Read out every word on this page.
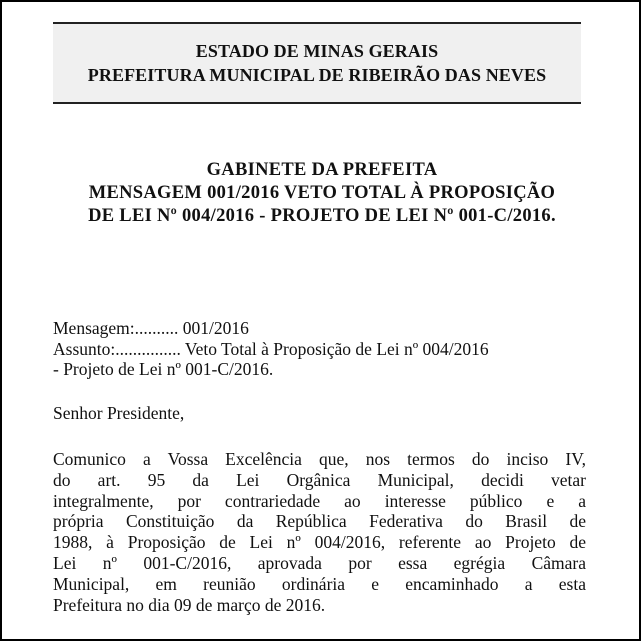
ESTADO DE MINAS GERAIS
PREFEITURA MUNICIPAL DE RIBEIRÃO DAS NEVES
GABINETE DA PREFEITA
MENSAGEM 001/2016 VETO TOTAL À PROPOSIÇÃO
DE LEI Nº 004/2016 - PROJETO DE LEI Nº 001-C/2016.
Mensagem:.......... 001/2016
Assunto:............... Veto Total à Proposição de Lei nº 004/2016
- Projeto de Lei nº 001-C/2016.
Senhor Presidente,
Comunico a Vossa Excelência que, nos termos do inciso IV,
do art. 95 da Lei Orgânica Municipal, decidi vetar
integralmente, por contrariedade ao interesse público e a
própria Constituição da República Federativa do Brasil de
1988, à Proposição de Lei nº 004/2016, referente ao Projeto de
Lei nº 001-C/2016, aprovada por essa egrégia Câmara
Municipal, em reunião ordinária e encaminhado a esta
Prefeitura no dia 09 de março de 2016.
